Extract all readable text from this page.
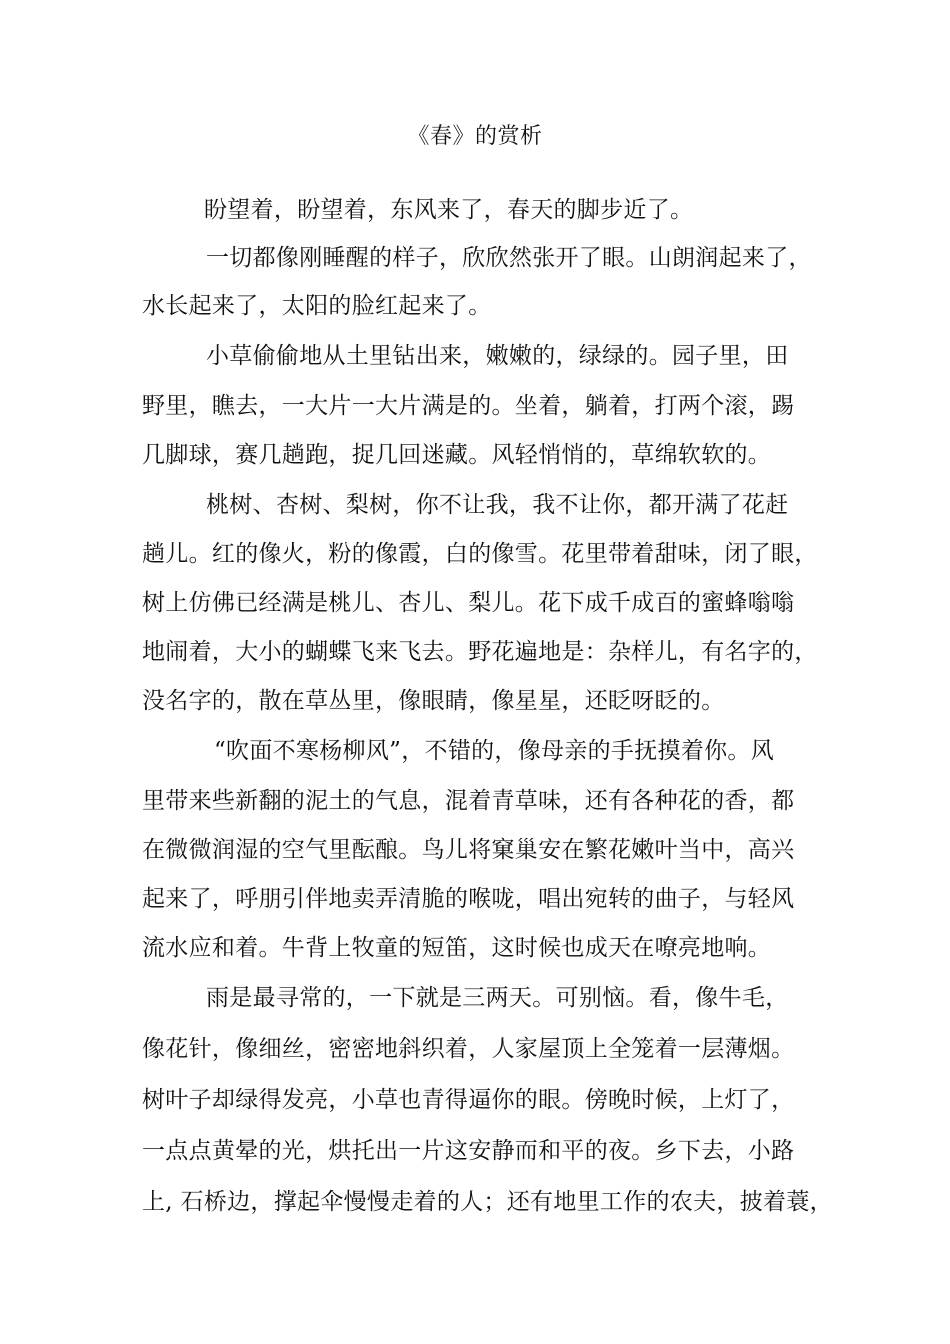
《春》的赏析
盼望着，盼望着，东风来了，春天的脚步近了。
一切都像刚睡醒的样子，欣欣然张开了眼。山朗润起来了，
水长起来了，太阳的脸红起来了。
小草偷偷地从土里钻出来，嫩嫩的，绿绿的。园子里，田
野里，瞧去，一大片一大片满是的。坐着，躺着，打两个滚，踢
几脚球，赛几趟跑，捉几回迷藏。风轻悄悄的，草绵软软的。
桃树、杏树、梨树，你不让我，我不让你，都开满了花赶
趟儿。红的像火，粉的像霞，白的像雪。花里带着甜味，闭了眼，
树上仿佛已经满是桃儿、杏儿、梨儿。花下成千成百的蜜蜂嗡嗡
地闹着，大小的蝴蝶飞来飞去。野花遍地是：杂样儿，有名字的，
没名字的，散在草丛里，像眼睛，像星星，还眨呀眨的。
“吹面不寒杨柳风”，不错的，像母亲的手抚摸着你。风
里带来些新翻的泥土的气息，混着青草味，还有各种花的香，都
在微微润湿的空气里酝酿。鸟儿将窠巢安在繁花嫩叶当中，高兴
起来了，呼朋引伴地卖弄清脆的喉咙，唱出宛转的曲子，与轻风
流水应和着。牛背上牧童的短笛，这时候也成天在嘹亮地响。
雨是最寻常的，一下就是三两天。可别恼。看，像牛毛，
像花针，像细丝，密密地斜织着，人家屋顶上全笼着一层薄烟。
树叶子却绿得发亮，小草也青得逼你的眼。傍晚时候，上灯了，
一点点黄晕的光，烘托出一片这安静而和平的夜。乡下去，小路
上, 石桥边，撑起伞慢慢走着的人；还有地里工作的农夫，披着蓑，
